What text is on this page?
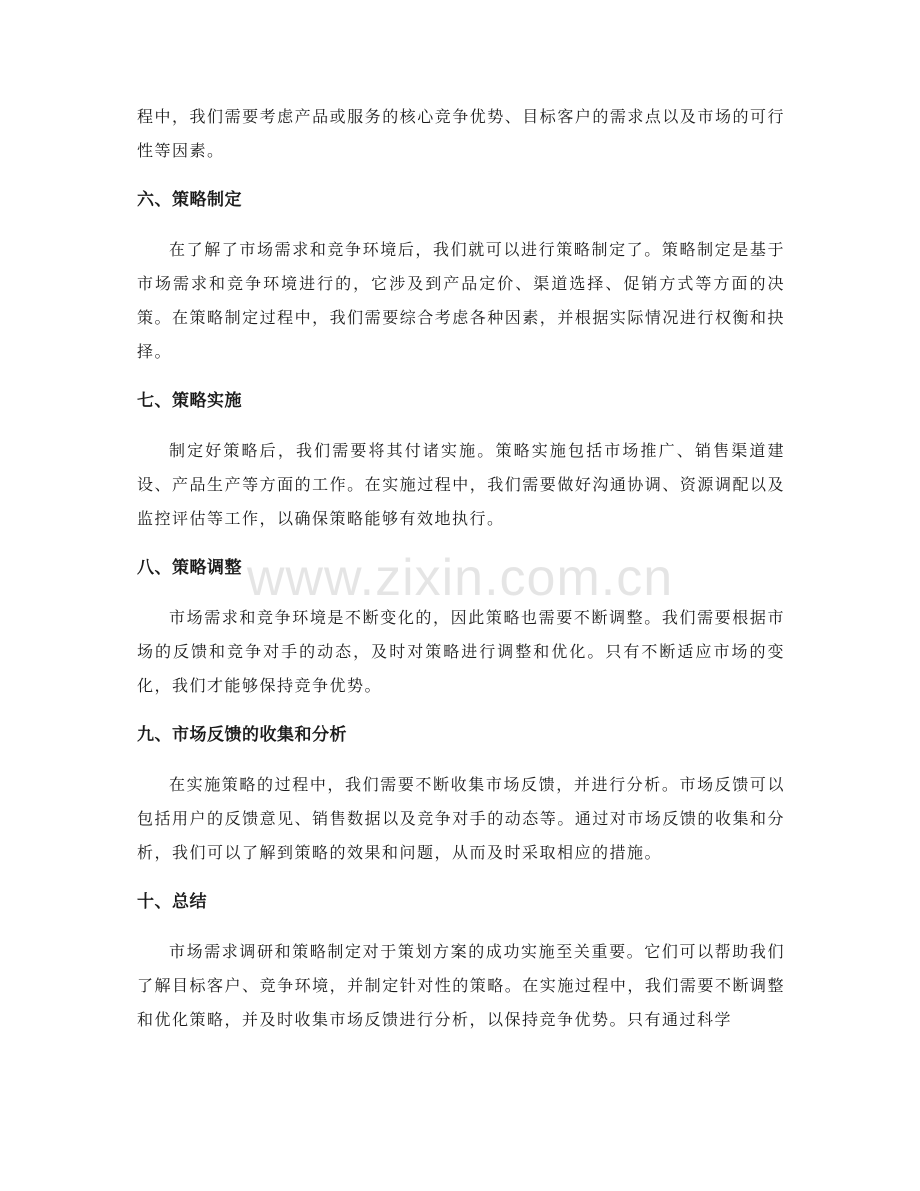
程中，我们需要考虑产品或服务的核心竞争优势、目标客户的需求点以及市场的可行性等因素。

六、策略制定

在了解了市场需求和竞争环境后，我们就可以进行策略制定了。策略制定是基于市场需求和竞争环境进行的，它涉及到产品定价、渠道选择、促销方式等方面的决策。在策略制定过程中，我们需要综合考虑各种因素，并根据实际情况进行权衡和抉择。

七、策略实施

制定好策略后，我们需要将其付诸实施。策略实施包括市场推广、销售渠道建设、产品生产等方面的工作。在实施过程中，我们需要做好沟通协调、资源调配以及监控评估等工作，以确保策略能够有效地执行。

八、策略调整

市场需求和竞争环境是不断变化的，因此策略也需要不断调整。我们需要根据市场的反馈和竞争对手的动态，及时对策略进行调整和优化。只有不断适应市场的变化，我们才能够保持竞争优势。

九、市场反馈的收集和分析

在实施策略的过程中，我们需要不断收集市场反馈，并进行分析。市场反馈可以包括用户的反馈意见、销售数据以及竞争对手的动态等。通过对市场反馈的收集和分析，我们可以了解到策略的效果和问题，从而及时采取相应的措施。

十、总结

市场需求调研和策略制定对于策划方案的成功实施至关重要。它们可以帮助我们了解目标客户、竞争环境，并制定针对性的策略。在实施过程中，我们需要不断调整和优化策略，并及时收集市场反馈进行分析，以保持竞争优势。只有通过科学

www.zixin.com.cn
